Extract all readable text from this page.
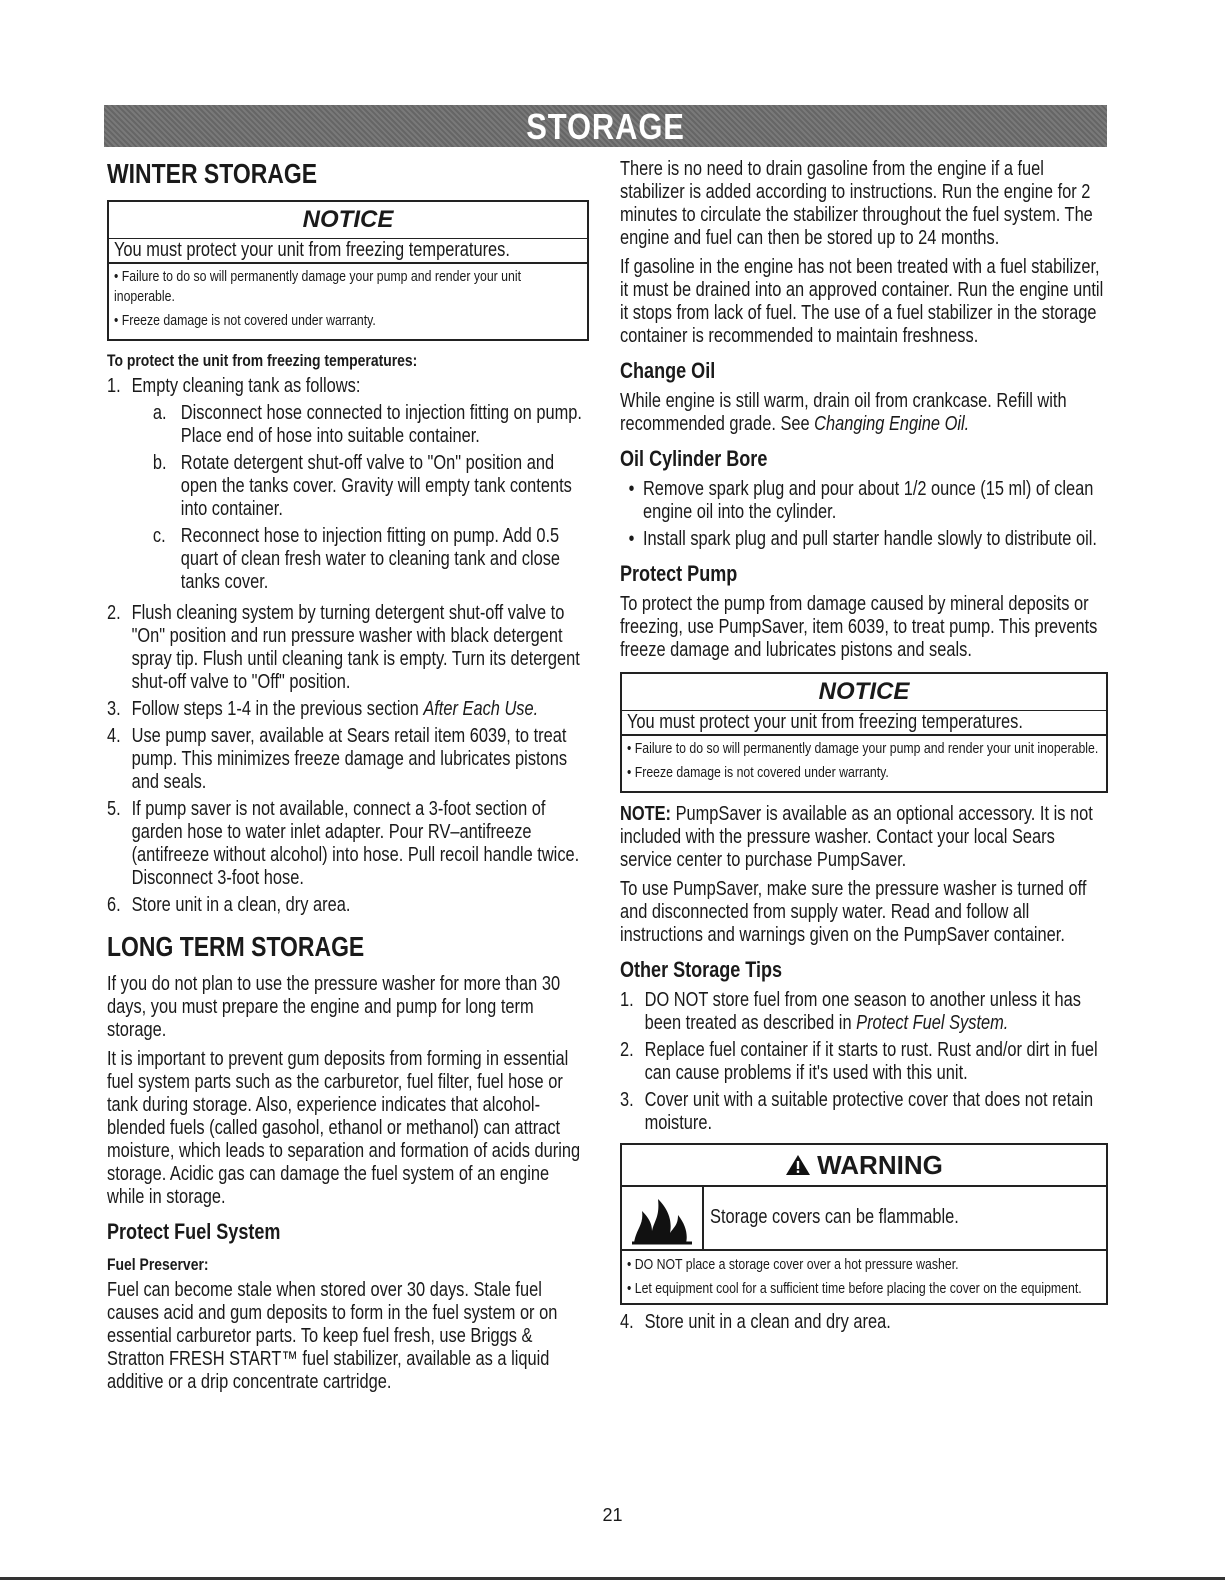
STORAGE
WINTER STORAGE
NOTICE
You must protect your unit from freezing temperatures.
• Failure to do so will permanently damage your pump and render your unit inoperable.
• Freeze damage is not covered under warranty.
To protect the unit from freezing temperatures:
1. Empty cleaning tank as follows:
a. Disconnect hose connected to injection fitting on pump. Place end of hose into suitable container.
b. Rotate detergent shut-off valve to "On" position and open the tanks cover. Gravity will empty tank contents into container.
c. Reconnect hose to injection fitting on pump. Add 0.5 quart of clean fresh water to cleaning tank and close tanks cover.
2. Flush cleaning system by turning detergent shut-off valve to "On" position and run pressure washer with black detergent spray tip. Flush until cleaning tank is empty. Turn its detergent shut-off valve to "Off" position.
3. Follow steps 1-4 in the previous section After Each Use.
4. Use pump saver, available at Sears retail item 6039, to treat pump. This minimizes freeze damage and lubricates pistons and seals.
5. If pump saver is not available, connect a 3-foot section of garden hose to water inlet adapter. Pour RV–antifreeze (antifreeze without alcohol) into hose. Pull recoil handle twice. Disconnect 3-foot hose.
6. Store unit in a clean, dry area.
LONG TERM STORAGE

If you do not plan to use the pressure washer for more than 30 days, you must prepare the engine and pump for long term storage.

It is important to prevent gum deposits from forming in essential fuel system parts such as the carburetor, fuel filter, fuel hose or tank during storage. Also, experience indicates that alcohol-blended fuels (called gasohol, ethanol or methanol) can attract moisture, which leads to separation and formation of acids during storage. Acidic gas can damage the fuel system of an engine while in storage.

Protect Fuel System
Fuel Preserver:

Fuel can become stale when stored over 30 days. Stale fuel causes acid and gum deposits to form in the fuel system or on essential carburetor parts. To keep fuel fresh, use Briggs & Stratton FRESH START™ fuel stabilizer, available as a liquid additive or a drip concentrate cartridge.

There is no need to drain gasoline from the engine if a fuel stabilizer is added according to instructions. Run the engine for 2 minutes to circulate the stabilizer throughout the fuel system. The engine and fuel can then be stored up to 24 months.

If gasoline in the engine has not been treated with a fuel stabilizer, it must be drained into an approved container. Run the engine until it stops from lack of fuel. The use of a fuel stabilizer in the storage container is recommended to maintain freshness.

Change Oil

While engine is still warm, drain oil from crankcase. Refill with recommended grade. See Changing Engine Oil.

Oil Cylinder Bore
• Remove spark plug and pour about 1/2 ounce (15 ml) of clean engine oil into the cylinder.
• Install spark plug and pull starter handle slowly to distribute oil.
Protect Pump

To protect the pump from damage caused by mineral deposits or freezing, use PumpSaver, item 6039, to treat pump. This prevents freeze damage and lubricates pistons and seals.

NOTICE
You must protect your unit from freezing temperatures.
• Failure to do so will permanently damage your pump and render your unit inoperable.
• Freeze damage is not covered under warranty.

NOTE: PumpSaver is available as an optional accessory. It is not included with the pressure washer. Contact your local Sears service center to purchase PumpSaver.

To use PumpSaver, make sure the pressure washer is turned off and disconnected from supply water. Read and follow all instructions and warnings given on the PumpSaver container.

Other Storage Tips
1. DO NOT store fuel from one season to another unless it has been treated as described in Protect Fuel System.
2. Replace fuel container if it starts to rust. Rust and/or dirt in fuel can cause problems if it's used with this unit.
3. Cover unit with a suitable protective cover that does not retain moisture.
WARNING
Storage covers can be flammable.
• DO NOT place a storage cover over a hot pressure washer.
• Let equipment cool for a sufficient time before placing the cover on the equipment.
4. Store unit in a clean and dry area.
21
